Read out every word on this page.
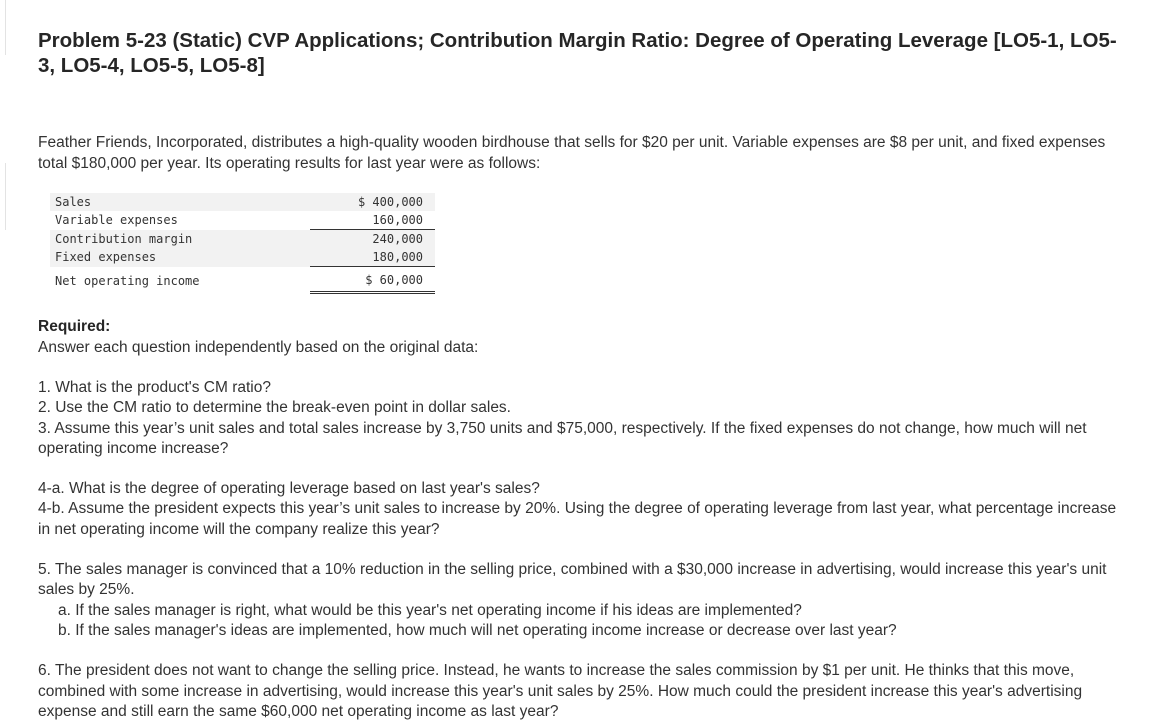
Problem 5-23 (Static) CVP Applications; Contribution Margin Ratio: Degree of Operating Leverage [LO5-1, LO5-3, LO5-4, LO5-5, LO5-8]

Feather Friends, Incorporated, distributes a high-quality wooden birdhouse that sells for $20 per unit. Variable expenses are $8 per unit, and fixed expenses total $180,000 per year. Its operating results for last year were as follows:

Sales	$ 400,000
Variable expenses	160,000
Contribution margin	240,000
Fixed expenses	180,000
Net operating income	$ 60,000
Required:
Answer each question independently based on the original data:

1. What is the product's CM ratio?

2. Use the CM ratio to determine the break-even point in dollar sales.

3. Assume this year’s unit sales and total sales increase by 3,750 units and $75,000, respectively. If the fixed expenses do not change, how much will net operating income increase?

4-a. What is the degree of operating leverage based on last year's sales?

4-b. Assume the president expects this year’s unit sales to increase by 20%. Using the degree of operating leverage from last year, what percentage increase in net operating income will the company realize this year?

5. The sales manager is convinced that a 10% reduction in the selling price, combined with a $30,000 increase in advertising, would increase this year's unit sales by 25%.

a. If the sales manager is right, what would be this year's net operating income if his ideas are implemented?

b. If the sales manager's ideas are implemented, how much will net operating income increase or decrease over last year?

6. The president does not want to change the selling price. Instead, he wants to increase the sales commission by $1 per unit. He thinks that this move, combined with some increase in advertising, would increase this year's unit sales by 25%. How much could the president increase this year's advertising expense and still earn the same $60,000 net operating income as last year?
